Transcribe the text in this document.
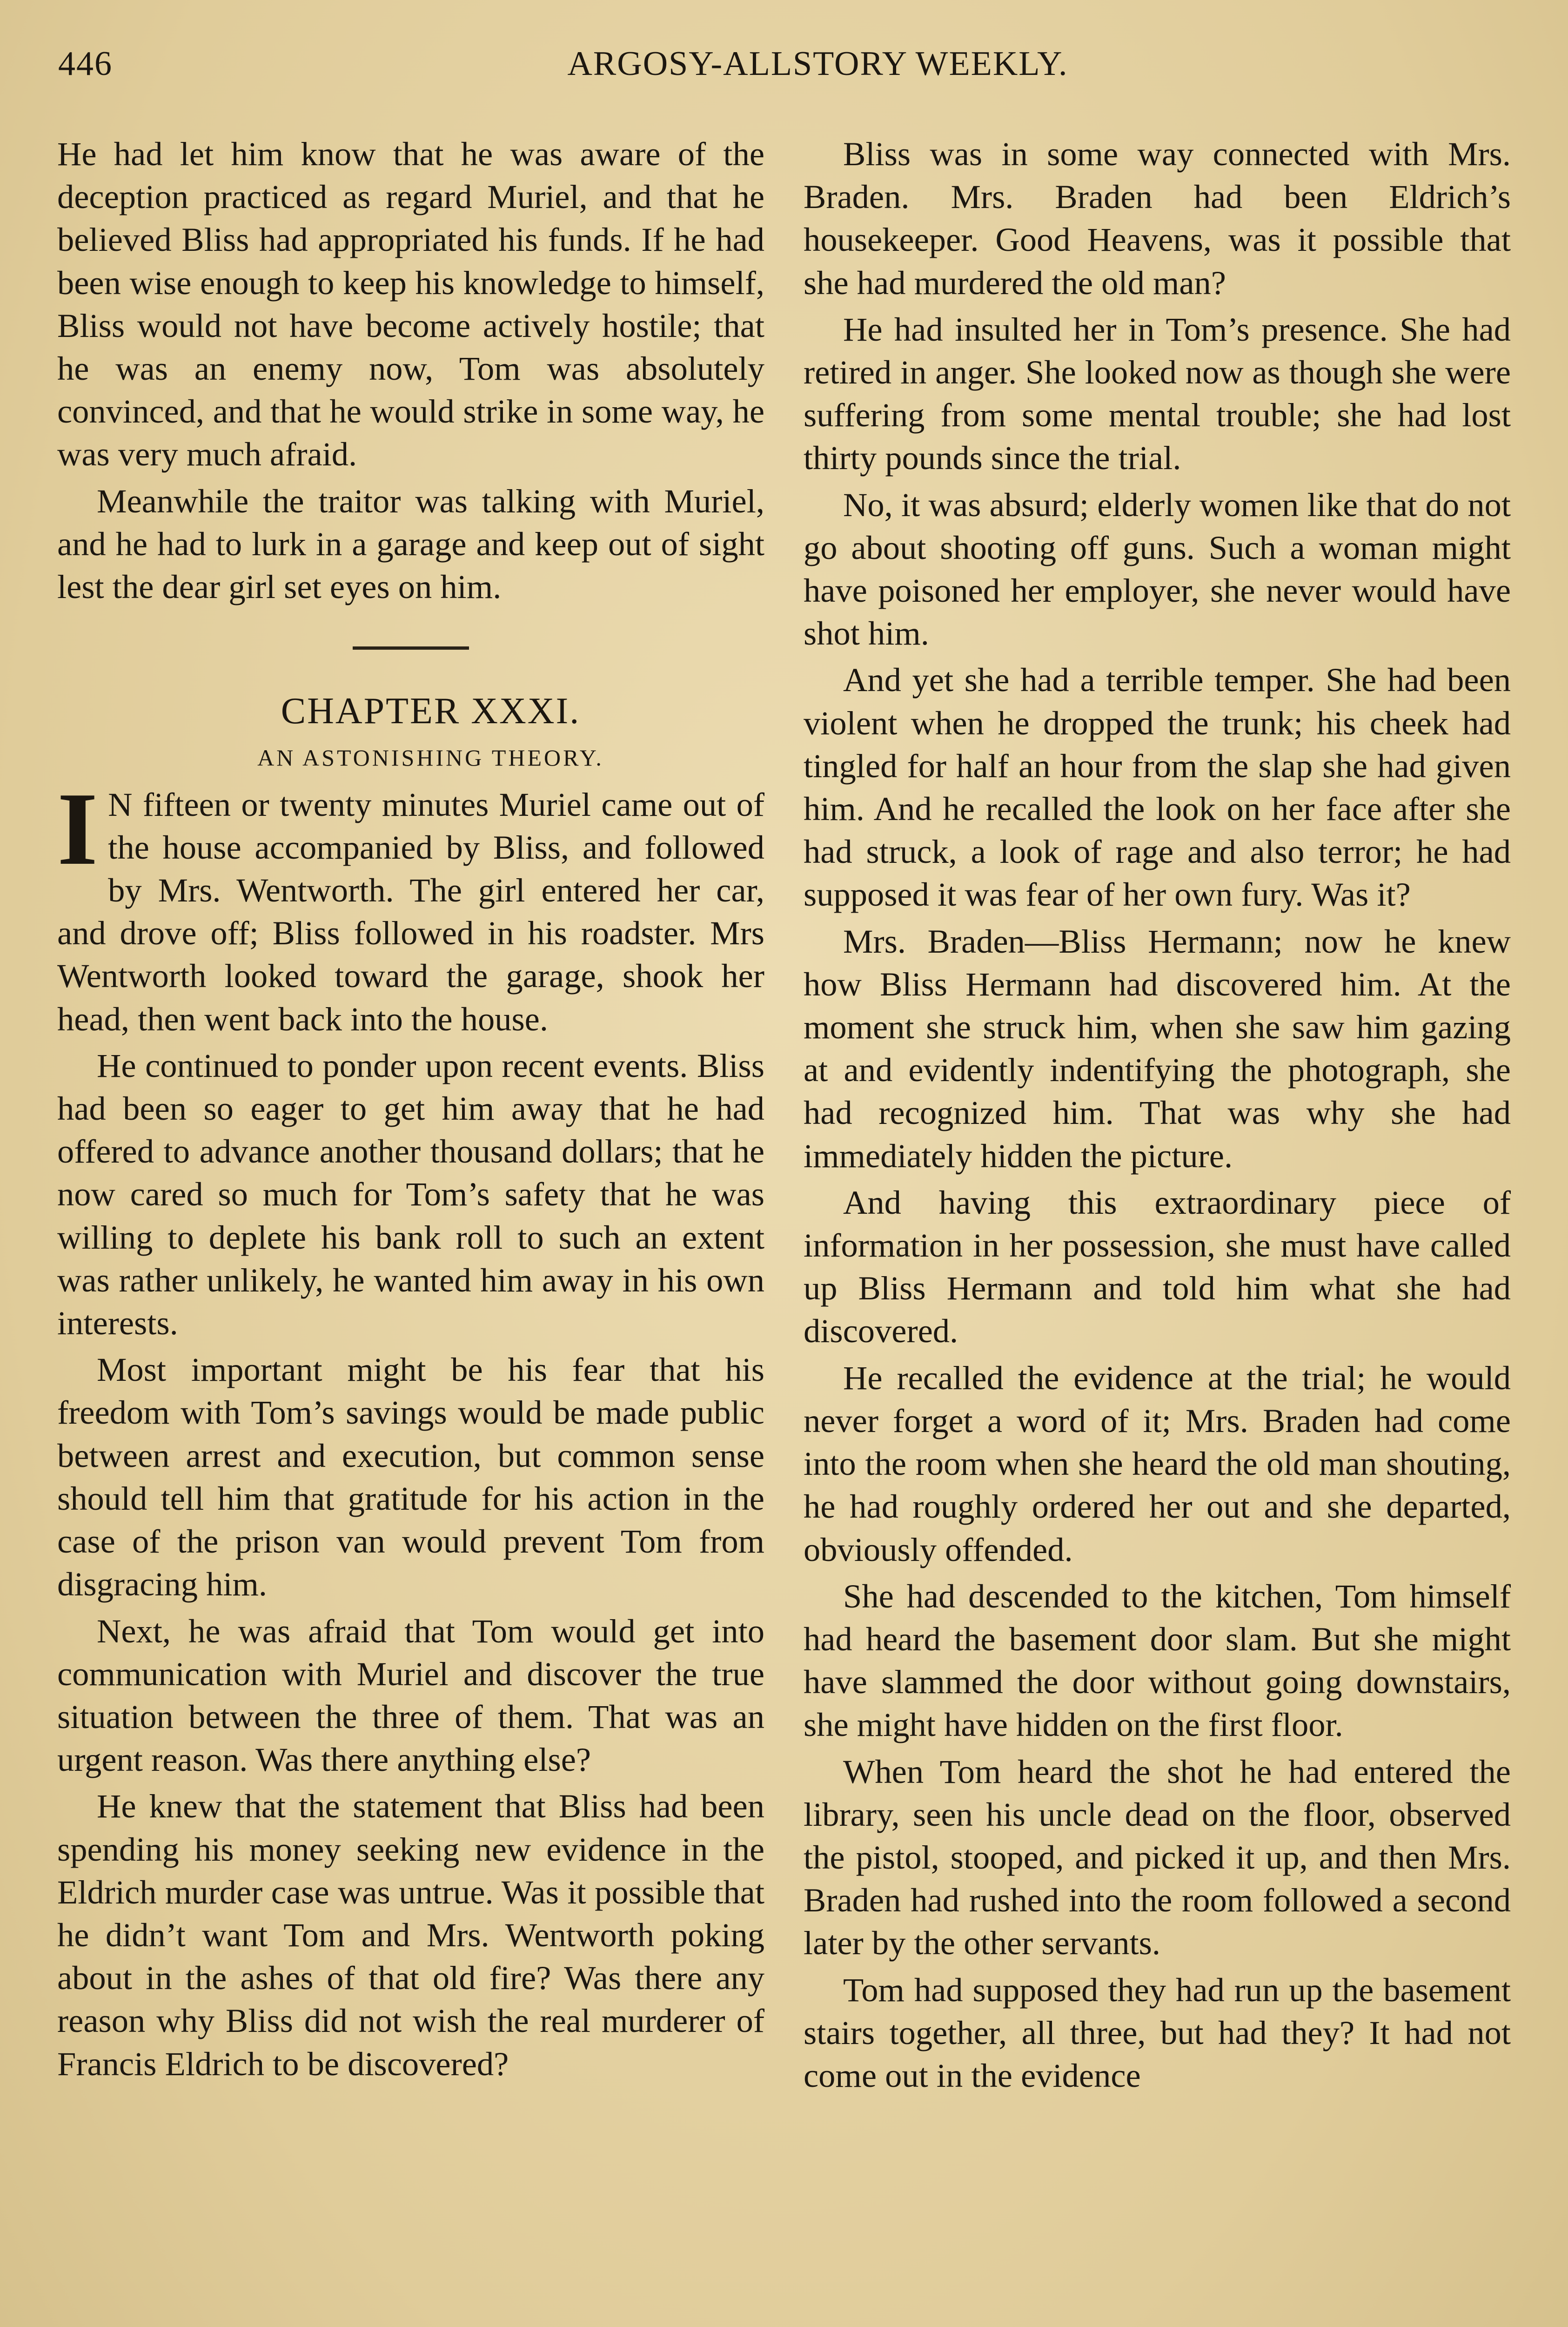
446	ARGOSY-ALLSTORY WEEKLY.

He had let him know that he was aware of the deception practiced as regard Muriel, and that he believed Bliss had appropriated his funds. If he had been wise enough to keep his knowledge to himself, Bliss would not have become actively hostile; that he was an enemy now, Tom was absolutely convinced, and that he would strike in some way, he was very much afraid.

Meanwhile the traitor was talking with Muriel, and he had to lurk in a garage and keep out of sight lest the dear girl set eyes on him.

CHAPTER XXXI.

AN ASTONISHING THEORY.

I N fifteen or twenty minutes Muriel came out of the house accompanied by Bliss, and followed by Mrs. Wentworth. The girl entered her car, and drove off; Bliss followed in his roadster. Mrs Wentworth looked toward the garage, shook her head, then went back into the house.

He continued to ponder upon recent events. Bliss had been so eager to get him away that he had offered to advance another thousand dollars; that he now cared so much for Tom’s safety that he was willing to deplete his bank roll to such an extent was rather unlikely, he wanted him away in his own interests.

Most important might be his fear that his freedom with Tom’s savings would be made public between arrest and execution, but common sense should tell him that gratitude for his action in the case of the prison van would prevent Tom from disgracing him.

Next, he was afraid that Tom would get into communication with Muriel and discover the true situation between the three of them. That was an urgent reason. Was there anything else?

He knew that the statement that Bliss had been spending his money seeking new evidence in the Eldrich murder case was untrue. Was it possible that he didn’t want Tom and Mrs. Wentworth poking about in the ashes of that old fire? Was there any reason why Bliss did not wish the real murderer of Francis Eldrich to be discovered?

Bliss was in some way connected with Mrs. Braden. Mrs. Braden had been Eldrich’s housekeeper. Good Heavens, was it possible that she had murdered the old man?

He had insulted her in Tom’s presence. She had retired in anger. She looked now as though she were suffering from some mental trouble; she had lost thirty pounds since the trial.

No, it was absurd; elderly women like that do not go about shooting off guns. Such a woman might have poisoned her employer, she never would have shot him.

And yet she had a terrible temper. She had been violent when he dropped the trunk; his cheek had tingled for half an hour from the slap she had given him. And he recalled the look on her face after she had struck, a look of rage and also terror; he had supposed it was fear of her own fury. Was it?

Mrs. Braden—Bliss Hermann; now he knew how Bliss Hermann had discovered him. At the moment she struck him, when she saw him gazing at and evidently indentifying the photograph, she had recognized him. That was why she had immediately hidden the picture.

And having this extraordinary piece of information in her possession, she must have called up Bliss Hermann and told him what she had discovered.

He recalled the evidence at the trial; he would never forget a word of it; Mrs. Braden had come into the room when she heard the old man shouting, he had roughly ordered her out and she departed, obviously offended.

She had descended to the kitchen, Tom himself had heard the basement door slam. But she might have slammed the door without going downstairs, she might have hidden on the first floor.

When Tom heard the shot he had entered the library, seen his uncle dead on the floor, observed the pistol, stooped, and picked it up, and then Mrs. Braden had rushed into the room followed a second later by the other servants.

Tom had supposed they had run up the basement stairs together, all three, but had they? It had not come out in the evidence
